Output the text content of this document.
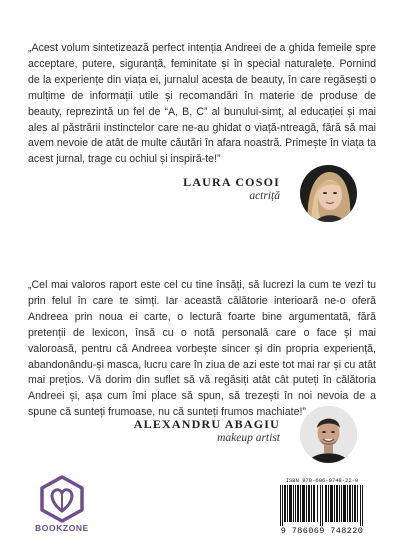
„Acest volum sintetizează perfect intenția Andreei de a ghida femeile spre acceptare, putere, siguranță, feminitate și în special naturalețe. Pornind de la experiențe din viața ei, jurnalul acesta de beauty, în care regăsești o mulțime de informații utile și recomandări în materie de produse de beauty, reprezintă un fel de “A, B, C” al bunului-simț, al educației și mai ales al păstrării instinctelor care ne-au ghidat o viață-ntreagă, fără să mai avem nevoie de atât de multe căutări în afara noastră. Primește în viața ta acest jurnal, trage cu ochiul și inspiră-te!”

LAURA COSOI
actriță

„Cel mai valoros raport este cel cu tine însăți, să lucrezi la cum te vezi tu prin felul în care te simți. Iar această călătorie interioară ne-o oferă Andreea prin noua ei carte, o lectură foarte bine argumentată, fără pretenții de lexicon, însă cu o notă personală care o face și mai valoroasă, pentru că Andreea vorbește sincer și din propria experiență, abandonându-și masca, lucru care în ziua de azi este tot mai rar și cu atât mai prețios. Vă dorim din suflet să vă regăsiți atât cât puteți în călătoria Andreei și, așa cum îmi place să spun, să trezești în noi nevoia de a spune că sunteți frumoase, nu că sunteți frumos machiate!”

ALEXANDRU ABAGIU
makeup artist
BOOKZONE
ISBN 978-606-9748-22-0
9 786069 748220
